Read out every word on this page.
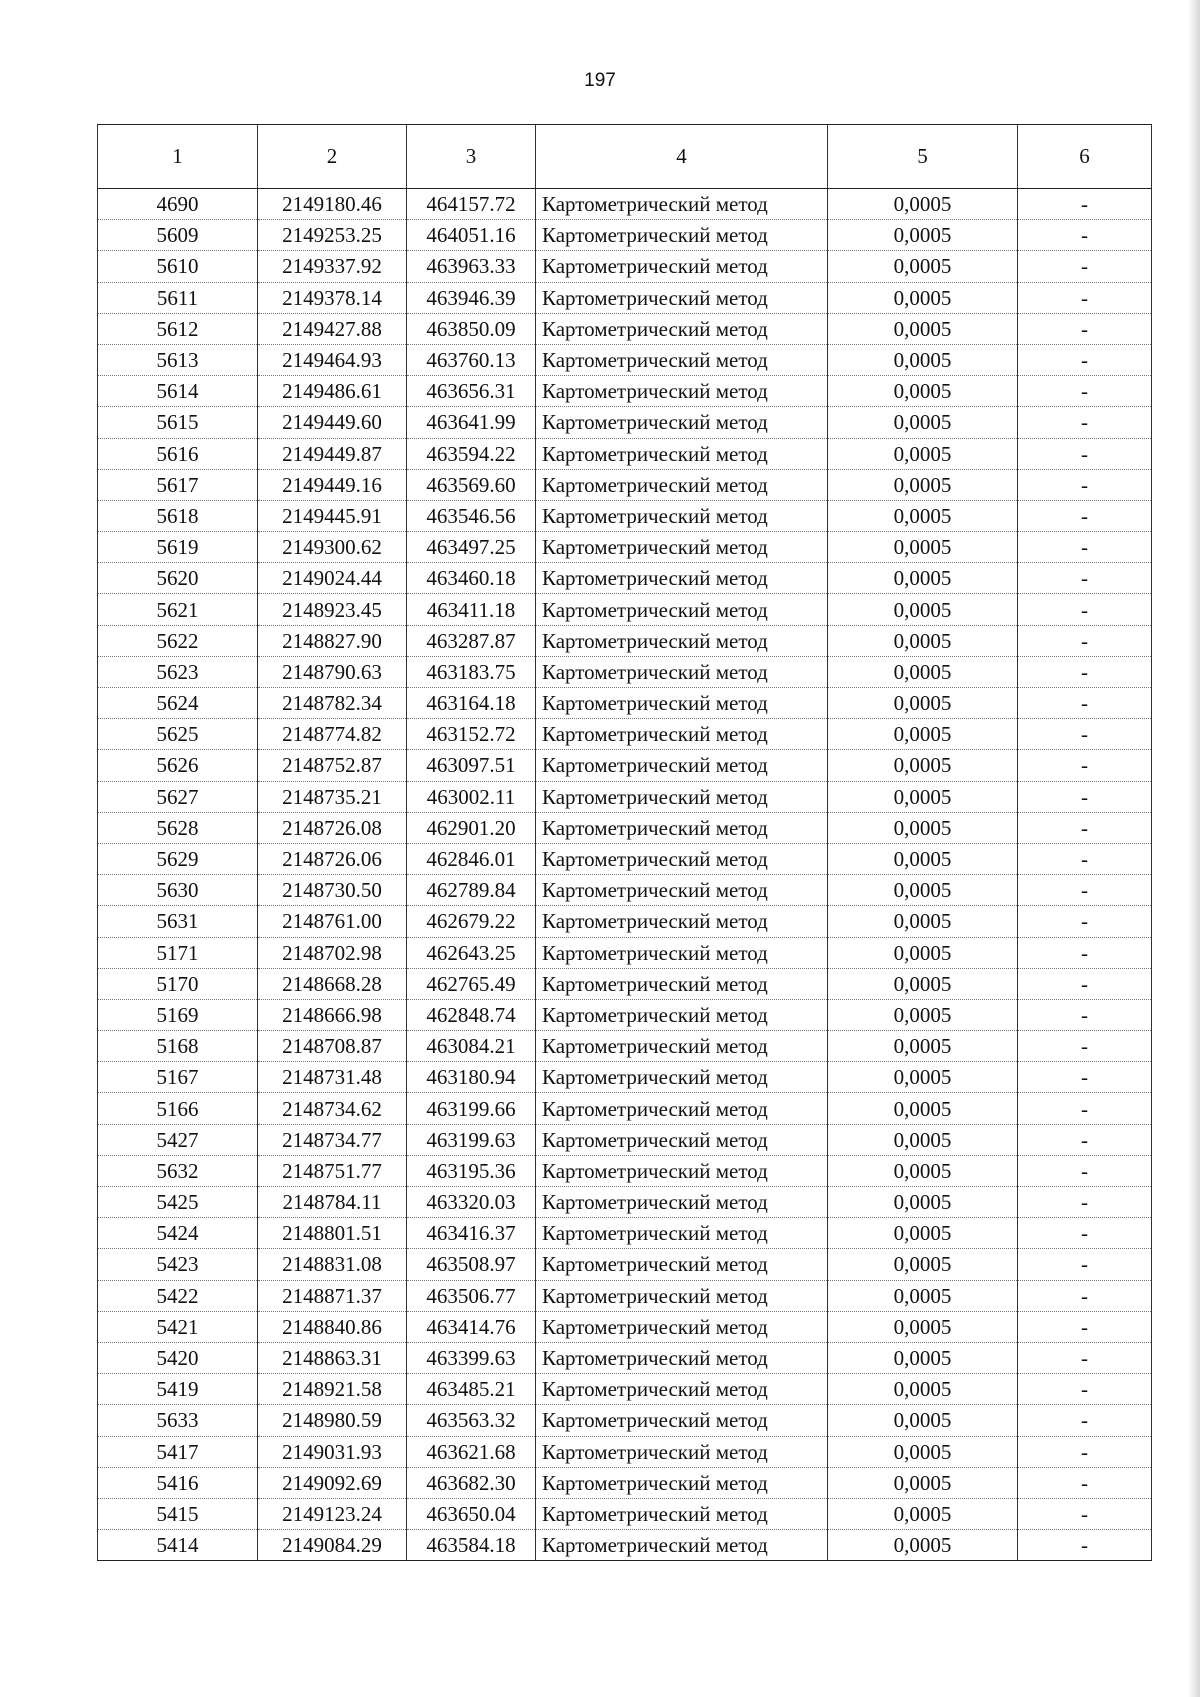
197
1	2	3	4	5	6
4690	2149180.46	464157.72	Картометрический метод	0,0005	-
5609	2149253.25	464051.16	Картометрический метод	0,0005	-
5610	2149337.92	463963.33	Картометрический метод	0,0005	-
5611	2149378.14	463946.39	Картометрический метод	0,0005	-
5612	2149427.88	463850.09	Картометрический метод	0,0005	-
5613	2149464.93	463760.13	Картометрический метод	0,0005	-
5614	2149486.61	463656.31	Картометрический метод	0,0005	-
5615	2149449.60	463641.99	Картометрический метод	0,0005	-
5616	2149449.87	463594.22	Картометрический метод	0,0005	-
5617	2149449.16	463569.60	Картометрический метод	0,0005	-
5618	2149445.91	463546.56	Картометрический метод	0,0005	-
5619	2149300.62	463497.25	Картометрический метод	0,0005	-
5620	2149024.44	463460.18	Картометрический метод	0,0005	-
5621	2148923.45	463411.18	Картометрический метод	0,0005	-
5622	2148827.90	463287.87	Картометрический метод	0,0005	-
5623	2148790.63	463183.75	Картометрический метод	0,0005	-
5624	2148782.34	463164.18	Картометрический метод	0,0005	-
5625	2148774.82	463152.72	Картометрический метод	0,0005	-
5626	2148752.87	463097.51	Картометрический метод	0,0005	-
5627	2148735.21	463002.11	Картометрический метод	0,0005	-
5628	2148726.08	462901.20	Картометрический метод	0,0005	-
5629	2148726.06	462846.01	Картометрический метод	0,0005	-
5630	2148730.50	462789.84	Картометрический метод	0,0005	-
5631	2148761.00	462679.22	Картометрический метод	0,0005	-
5171	2148702.98	462643.25	Картометрический метод	0,0005	-
5170	2148668.28	462765.49	Картометрический метод	0,0005	-
5169	2148666.98	462848.74	Картометрический метод	0,0005	-
5168	2148708.87	463084.21	Картометрический метод	0,0005	-
5167	2148731.48	463180.94	Картометрический метод	0,0005	-
5166	2148734.62	463199.66	Картометрический метод	0,0005	-
5427	2148734.77	463199.63	Картометрический метод	0,0005	-
5632	2148751.77	463195.36	Картометрический метод	0,0005	-
5425	2148784.11	463320.03	Картометрический метод	0,0005	-
5424	2148801.51	463416.37	Картометрический метод	0,0005	-
5423	2148831.08	463508.97	Картометрический метод	0,0005	-
5422	2148871.37	463506.77	Картометрический метод	0,0005	-
5421	2148840.86	463414.76	Картометрический метод	0,0005	-
5420	2148863.31	463399.63	Картометрический метод	0,0005	-
5419	2148921.58	463485.21	Картометрический метод	0,0005	-
5633	2148980.59	463563.32	Картометрический метод	0,0005	-
5417	2149031.93	463621.68	Картометрический метод	0,0005	-
5416	2149092.69	463682.30	Картометрический метод	0,0005	-
5415	2149123.24	463650.04	Картометрический метод	0,0005	-
5414	2149084.29	463584.18	Картометрический метод	0,0005	-
